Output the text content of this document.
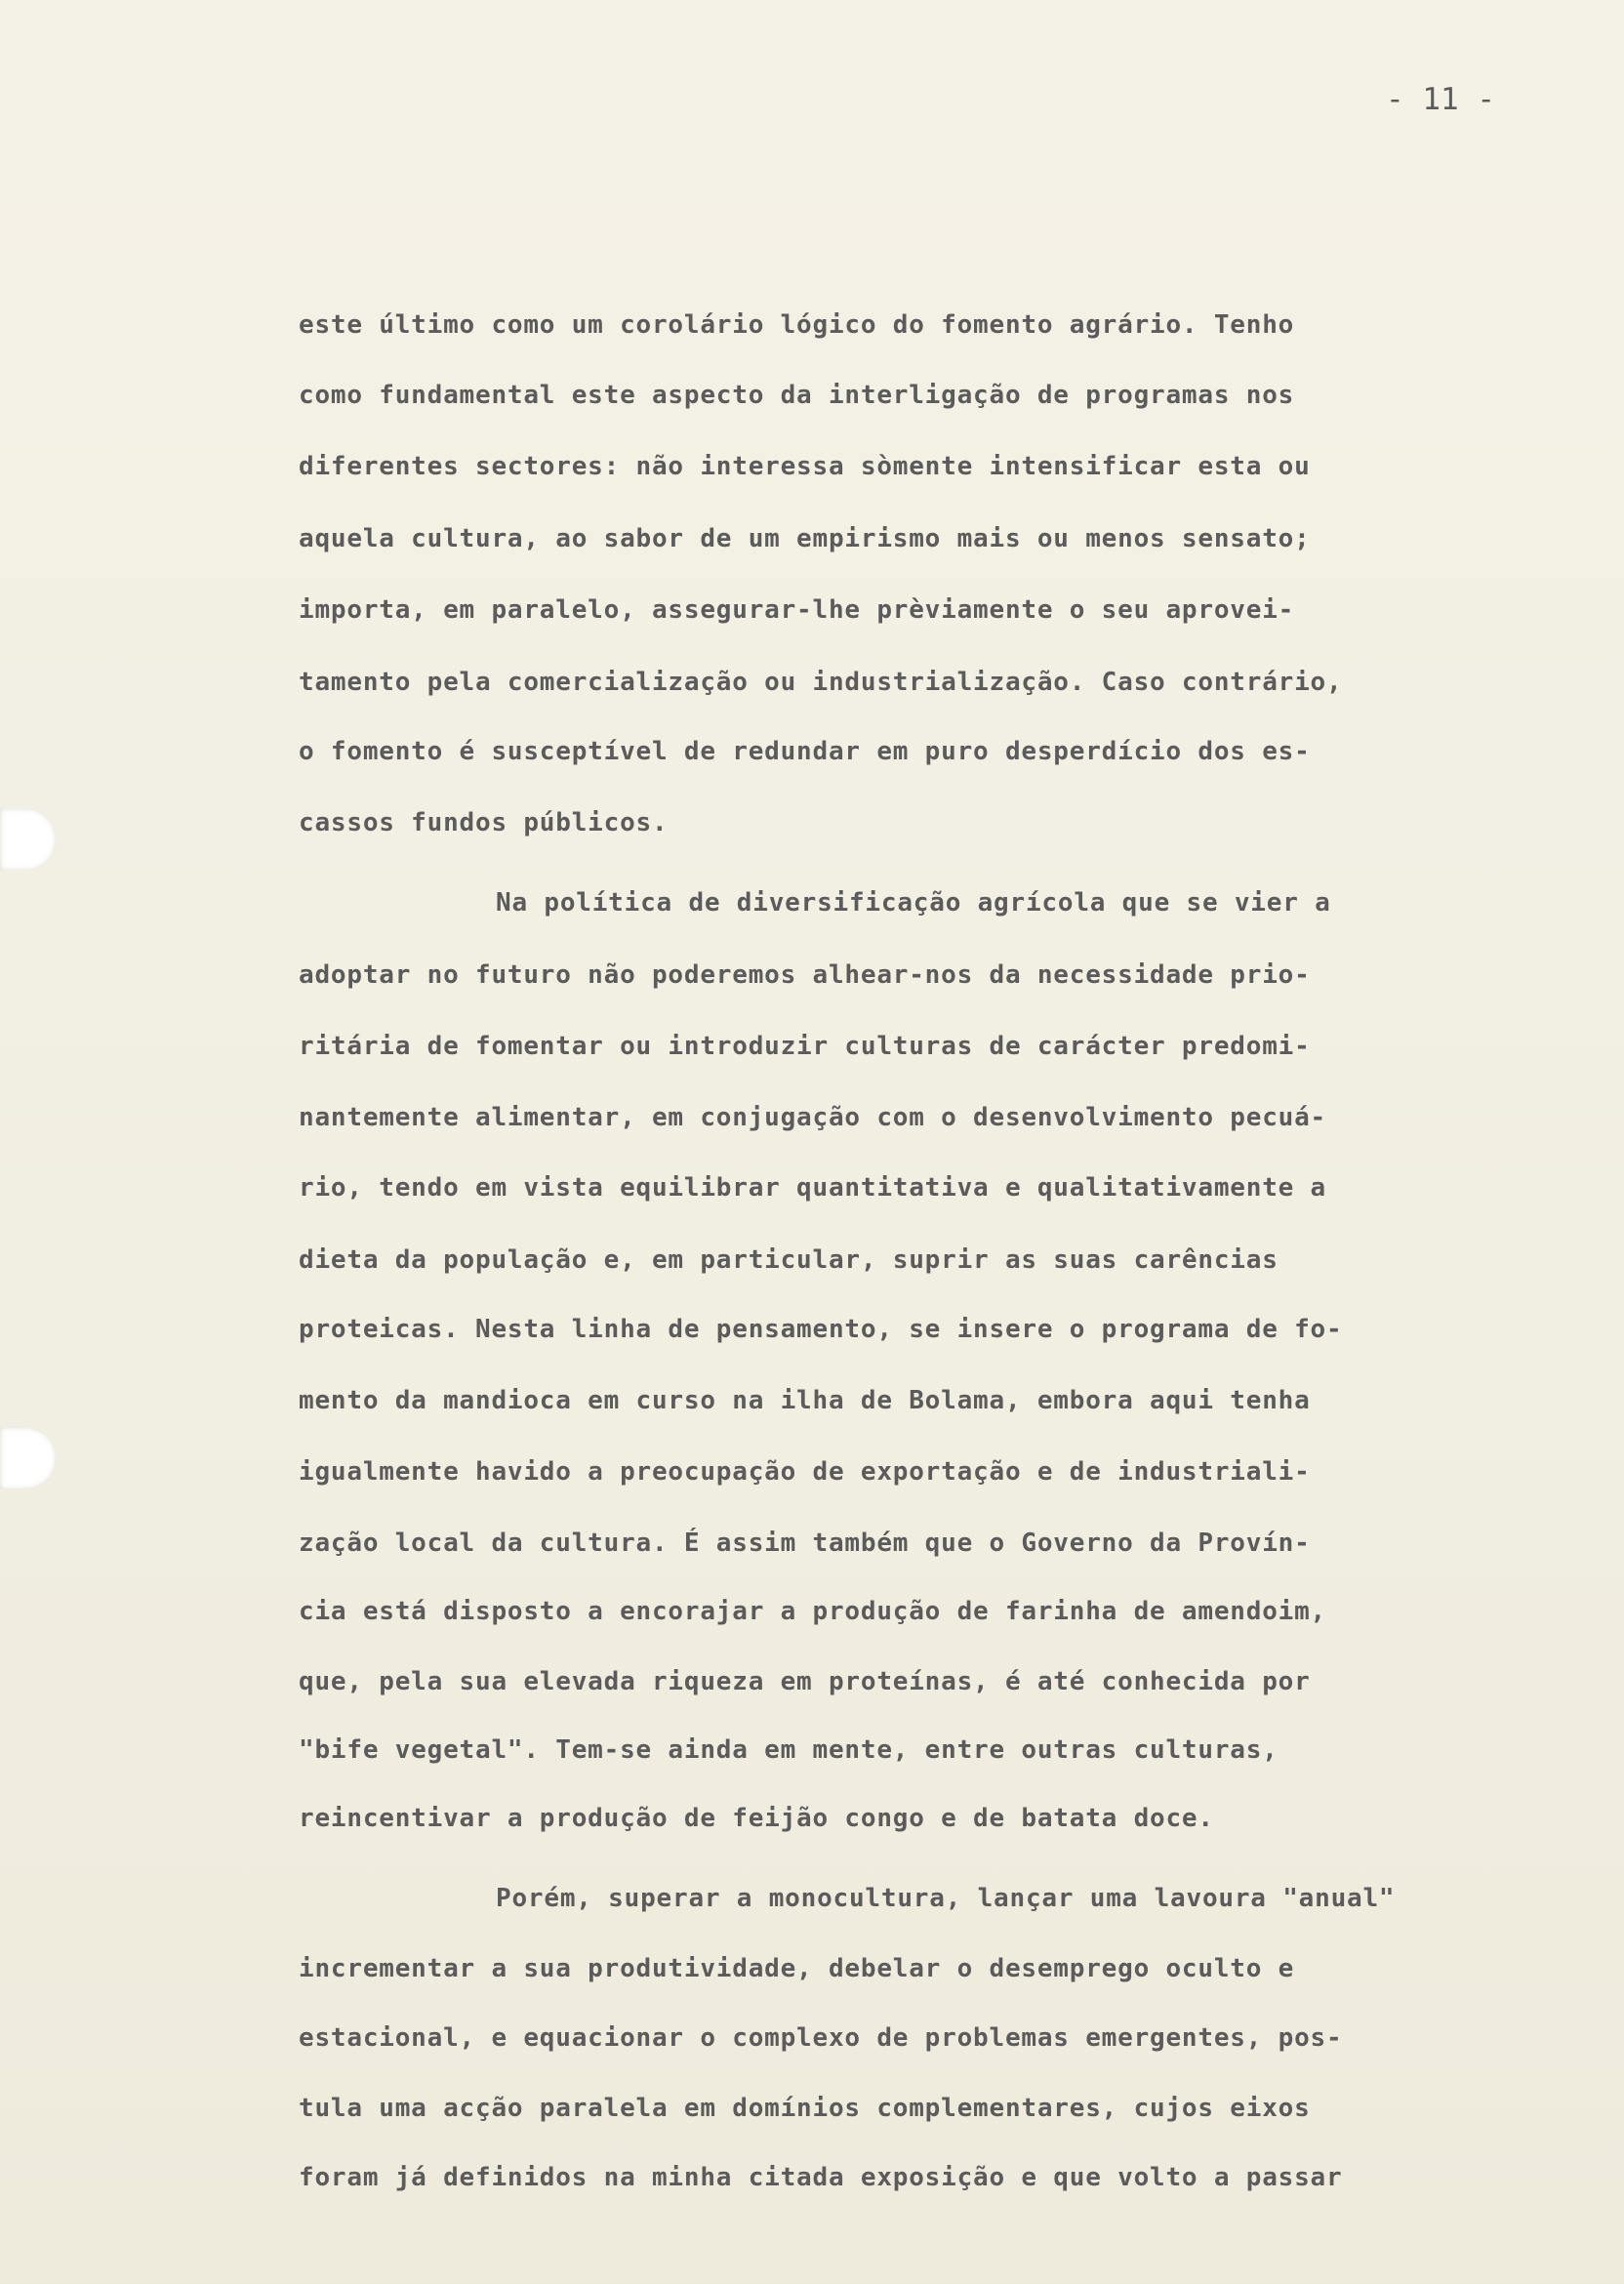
- 11 -

este último como um corolário lógico do fomento agrário. Tenho

como fundamental este aspecto da interligação de programas nos

diferentes sectores: não interessa sòmente intensificar esta ou

aquela cultura, ao sabor de um empirismo mais ou menos sensato;

importa, em paralelo, assegurar-lhe prèviamente o seu aprovei-

tamento pela comercialização ou industrialização. Caso contrário,

o fomento é susceptível de redundar em puro desperdício dos es-

cassos fundos públicos.

Na política de diversificação agrícola que se vier a

adoptar no futuro não poderemos alhear-nos da necessidade prio-

ritária de fomentar ou introduzir culturas de carácter predomi-

nantemente alimentar, em conjugação com o desenvolvimento pecuá-

rio, tendo em vista equilibrar quantitativa e qualitativamente a

dieta da população e, em particular, suprir as suas carências

proteicas. Nesta linha de pensamento, se insere o programa de fo-

mento da mandioca em curso na ilha de Bolama, embora aqui tenha

igualmente havido a preocupação de exportação e de industriali-

zação local da cultura. É assim também que o Governo da Provín-

cia está disposto a encorajar a produção de farinha de amendoim,

que, pela sua elevada riqueza em proteínas, é até conhecida por

"bife vegetal". Tem-se ainda em mente, entre outras culturas,

reincentivar a produção de feijão congo e de batata doce.

Porém, superar a monocultura, lançar uma lavoura "anual"

incrementar a sua produtividade, debelar o desemprego oculto e

estacional, e equacionar o complexo de problemas emergentes, pos-

tula uma acção paralela em domínios complementares, cujos eixos

foram já definidos na minha citada exposição e que volto a passar
